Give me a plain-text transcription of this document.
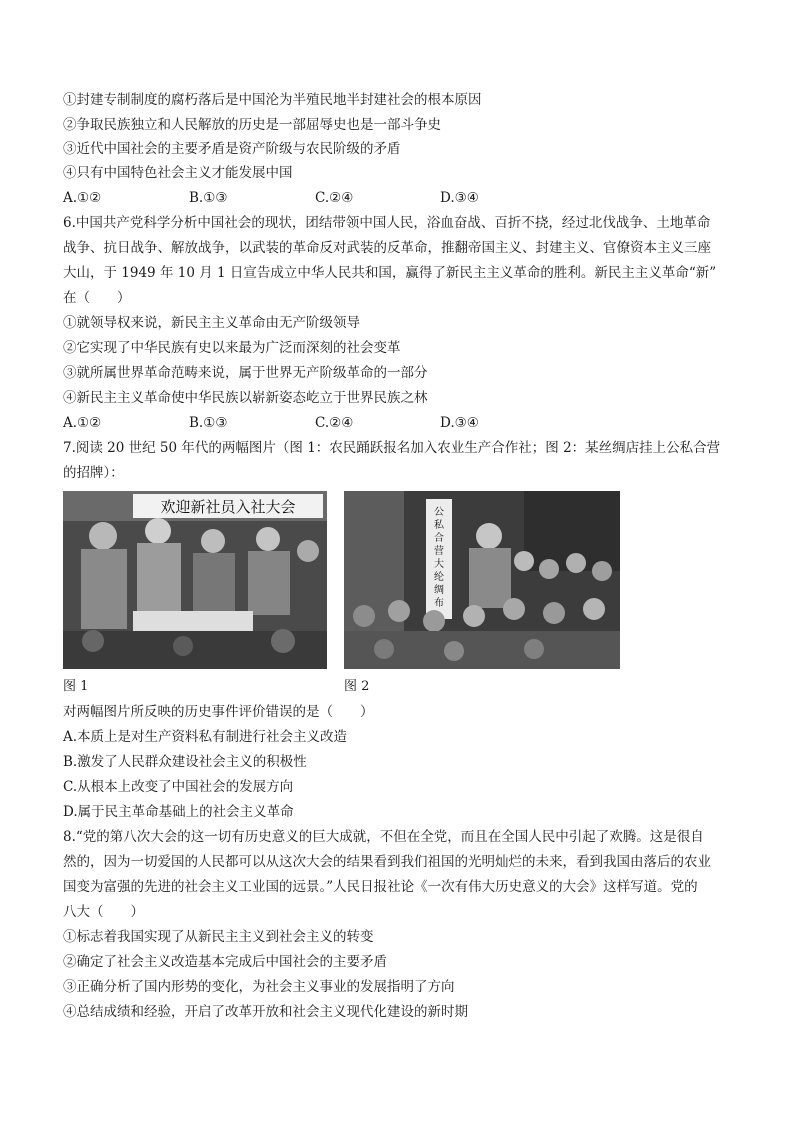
①封建专制制度的腐朽落后是中国沦为半殖民地半封建社会的根本原因
②争取民族独立和人民解放的历史是一部屈辱史也是一部斗争史
③近代中国社会的主要矛盾是资产阶级与农民阶级的矛盾
④只有中国特色社会主义才能发展中国
A.①②	B.①③	C.②④	D.③④
6.中国共产党科学分析中国社会的现状，团结带领中国人民，浴血奋战、百折不挠，经过北伐战争、土地革命
战争、抗日战争、解放战争，以武装的革命反对武装的反革命，推翻帝国主义、封建主义、官僚资本主义三座
大山，于 1949 年 10 月 1 日宣告成立中华人民共和国，赢得了新民主主义革命的胜利。新民主主义革命“新”
在（　　）
①就领导权来说，新民主主义革命由无产阶级领导
②它实现了中华民族有史以来最为广泛而深刻的社会变革
③就所属世界革命范畴来说，属于世界无产阶级革命的一部分
④新民主主义革命使中华民族以崭新姿态屹立于世界民族之林
A.①②	B.①③	C.②④	D.③④
7.阅读 20 世纪 50 年代的两幅图片（图 1：农民踊跃报名加入农业生产合作社；图 2：某丝绸店挂上公私合营
的招牌）：
欢迎新社员入社大会	公私合营大纶绸布
图 1	图 2
对两幅图片所反映的历史事件评价错误的是（　　）
A.本质上是对生产资料私有制进行社会主义改造
B.激发了人民群众建设社会主义的积极性
C.从根本上改变了中国社会的发展方向
D.属于民主革命基础上的社会主义革命
8.“党的第八次大会的这一切有历史意义的巨大成就，不但在全党，而且在全国人民中引起了欢腾。这是很自
然的，因为一切爱国的人民都可以从这次大会的结果看到我们祖国的光明灿烂的未来，看到我国由落后的农业
国变为富强的先进的社会主义工业国的远景。”人民日报社论《一次有伟大历史意义的大会》这样写道。党的
八大（　　）
①标志着我国实现了从新民主主义到社会主义的转变
②确定了社会主义改造基本完成后中国社会的主要矛盾
③正确分析了国内形势的变化，为社会主义事业的发展指明了方向
④总结成绩和经验，开启了改革开放和社会主义现代化建设的新时期
